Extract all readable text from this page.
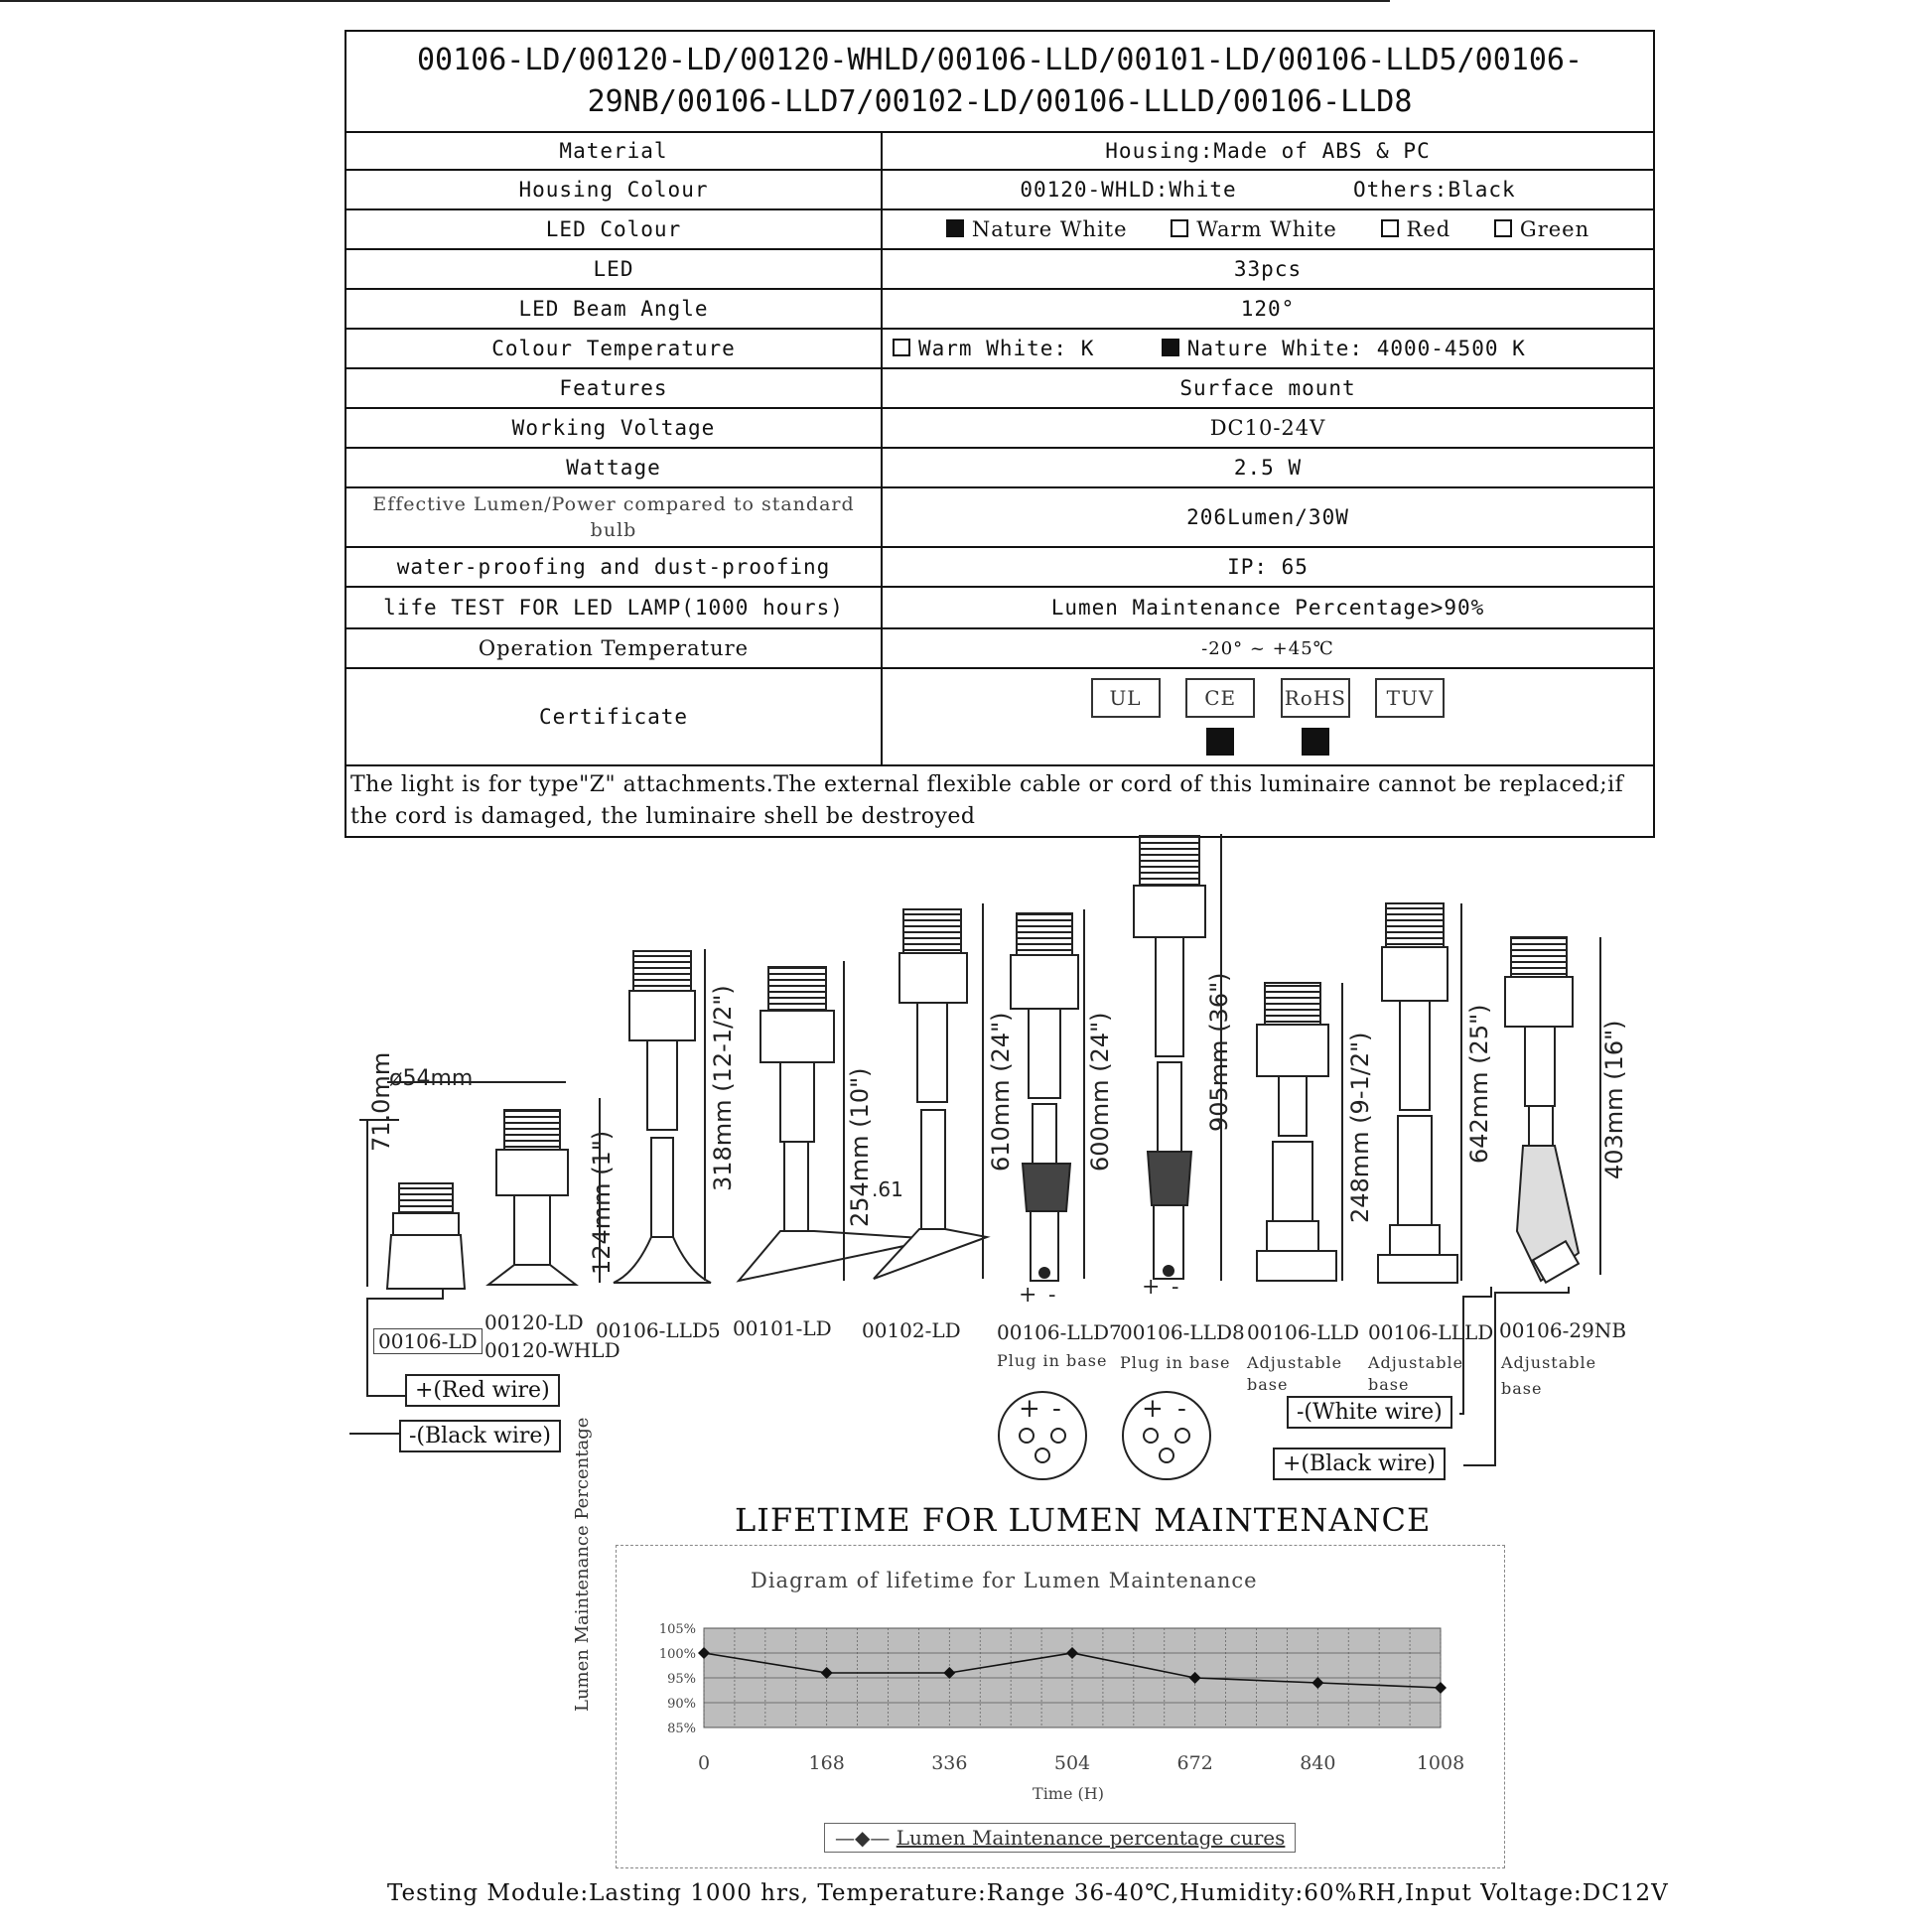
00106-LD/00120-LD/00120-WHLD/00106-LLD/00101-LD/00106-LLD5/00106-
29NB/00106-LLD7/00102-LD/00106-LLLD/00106-LLD8	

Material	Housing:Made of ABS & PC
Housing Colour	00120-WHLD:White Others:Black
LED Colour	Nature White Warm White Red Green
LED	33pcs
LED Beam Angle	120°
Colour Temperature	Warm White: K Nature White: 4000-4500 K
Features	Surface mount
Working Voltage	DC10-24V
Wattage	2.5 W
Effective Lumen/Power compared to standard bulb	206Lumen/30W
water-proofing and dust-proofing	IP: 65
life TEST FOR LED LAMP(1000 hours)	Lumen Maintenance Percentage>90%
Operation Temperature	-20° ~ +45℃
Certificate	UL
CE
RoHS
TUV

The light is for type"Z" attachments.The external flexible cable or cord of this luminaire cannot be replaced;if the cord is damaged, the luminaire shell be destroyed	
ø54mm
71.0mm
124mm (1")
318mm (12-1/2")	254mm (10")
.61
610mm (24")	600mm (24")	905mm (36")	248mm (9-1/2")	642mm (25")	403mm (16")
+ -	+ -
+ -	+ -
00106-LD
00120-LD
00120-WHLD
00106-LLD5 00101-LD 00102-LD 00106-LLD7
00106-LLD8 00106-LLD 00106-LLLD 00106-29NB
Plug in base Plug in base Adjustable
base
Adjustable
base
Adjustable
base
+(Red wire)
-(Black wire)
-(White wire)
+(Black wire)
LIFETIME FOR LUMEN MAINTENANCE
Diagram of lifetime for Lumen Maintenance
Lumen Maintenance Percentage	105%
100%
95%
90%
85%
0	168	336	504	672	840	1008
Time (H)
—◆— Lumen Maintenance percentage cures
Testing Module:Lasting 1000 hrs, Temperature:Range 36-40℃,Humidity:60%RH,Input Voltage:DC12V
